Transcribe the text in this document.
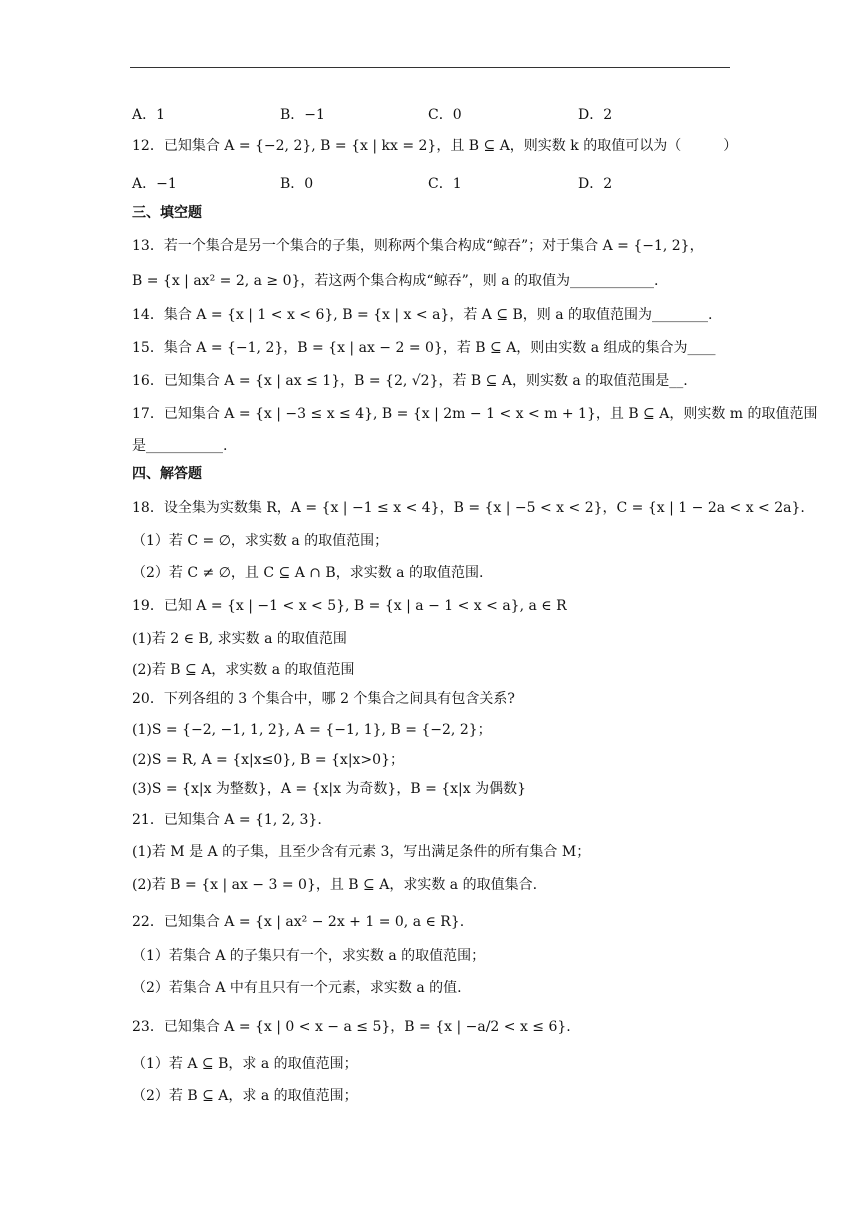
A．1	B．−1	C．0	D．2
12．已知集合 A = {−2, 2}, B = {x | kx = 2}，且 B ⊆ A，则实数 k 的取值可以为（　　　）
A．−1	B．0	C．1	D．2
三、填空题
13．若一个集合是另一个集合的子集，则称两个集合构成“鲸吞”；对于集合 A = {−1, 2}，
B = {x | ax² = 2, a ≥ 0}，若这两个集合构成“鲸吞”，则 a 的取值为____________.
14．集合 A = {x | 1 < x < 6}, B = {x | x < a}，若 A ⊆ B，则 a 的取值范围为________.
15．集合 A = {−1, 2}，B = {x | ax − 2 = 0}，若 B ⊆ A，则由实数 a 组成的集合为____
16．已知集合 A = {x | ax ≤ 1}，B = {2, √2}，若 B ⊆ A，则实数 a 的取值范围是__.
17．已知集合 A = {x | −3 ≤ x ≤ 4}, B = {x | 2m − 1 < x < m + 1}，且 B ⊆ A，则实数 m 的取值范围
是___________.
四、解答题
18．设全集为实数集 R，A = {x | −1 ≤ x < 4}，B = {x | −5 < x < 2}，C = {x | 1 − 2a < x < 2a}.
（1）若 C = ∅，求实数 a 的取值范围；
（2）若 C ≠ ∅，且 C ⊆ A ∩ B，求实数 a 的取值范围.
19．已知 A = {x | −1 < x < 5}, B = {x | a − 1 < x < a}, a ∈ R
(1)若 2 ∈ B, 求实数 a 的取值范围
(2)若 B ⊆ A，求实数 a 的取值范围
20．下列各组的 3 个集合中，哪 2 个集合之间具有包含关系?
(1)S = {−2, −1, 1, 2}, A = {−1, 1}, B = {−2, 2}；
(2)S = R, A = {x|x≤0}, B = {x|x>0}；
(3)S = {x|x 为整数}，A = {x|x 为奇数}，B = {x|x 为偶数}
21．已知集合 A = {1, 2, 3}.
(1)若 M 是 A 的子集，且至少含有元素 3，写出满足条件的所有集合 M；
(2)若 B = {x | ax − 3 = 0}，且 B ⊆ A，求实数 a 的取值集合.
22．已知集合 A = {x | ax² − 2x + 1 = 0, a ∈ R}.
（1）若集合 A 的子集只有一个，求实数 a 的取值范围；
（2）若集合 A 中有且只有一个元素，求实数 a 的值.
23．已知集合 A = {x | 0 < x − a ≤ 5}，B = {x | −a/2 < x ≤ 6}.
（1）若 A ⊆ B，求 a 的取值范围；
（2）若 B ⊆ A，求 a 的取值范围；
